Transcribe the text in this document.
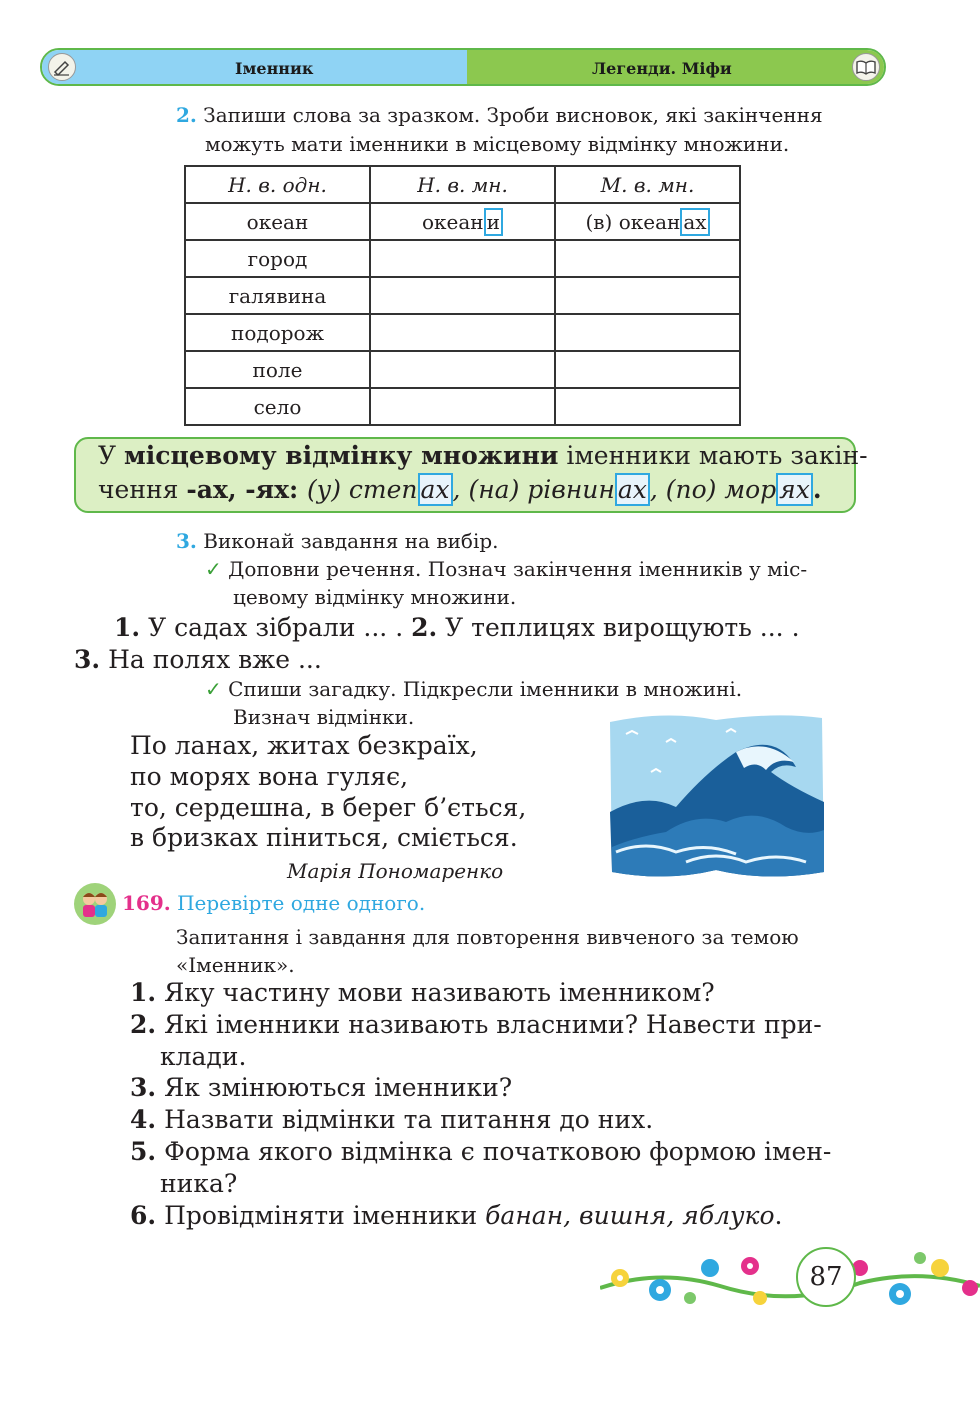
Іменник	Легенди. Міфи
2. Запиши слова за зразком. Зроби висновок, які закінчення
можуть мати іменники в місцевому відмінку множини.
Н. в. одн.	Н. в. мн.	М. в. мн.
океан	океан и	(в) океан ах
город		
галявина		
подорож		
поле		
село		
У місцевому відмінку множини іменники мають закін-
чення -ах, -ях: (у) степ ах , (на) рівнин ах , (по) мор ях .
3. Виконай завдання на вибір.
✓ Доповни речення. Познач закінчення іменників у міс-
цевому відмінку множини.
1. У садах зібрали ... . 2. У теплицях вирощують ... .
3. На полях вже ...
✓ Спиши загадку. Підкресли іменники в множині.
Визнач відмінки.
По ланах, житах безкраїх,
по морях вона гуляє,
то, сердешна, в берег б’ється,
в бризках піниться, сміється.
Марія Пономаренко
169. Перевірте одне одного.
Запитання і завдання для повторення вивченого за темою
«Іменник».
1. Яку частину мови називають іменником?
2. Які іменники називають власними? Навести при-
клади.
3. Як змінюються іменники?
4. Назвати відмінки та питання до них.
5. Форма якого відмінка є початковою формою імен-
ника?
6. Провідміняти іменники банан, вишня, яблуко.
87
